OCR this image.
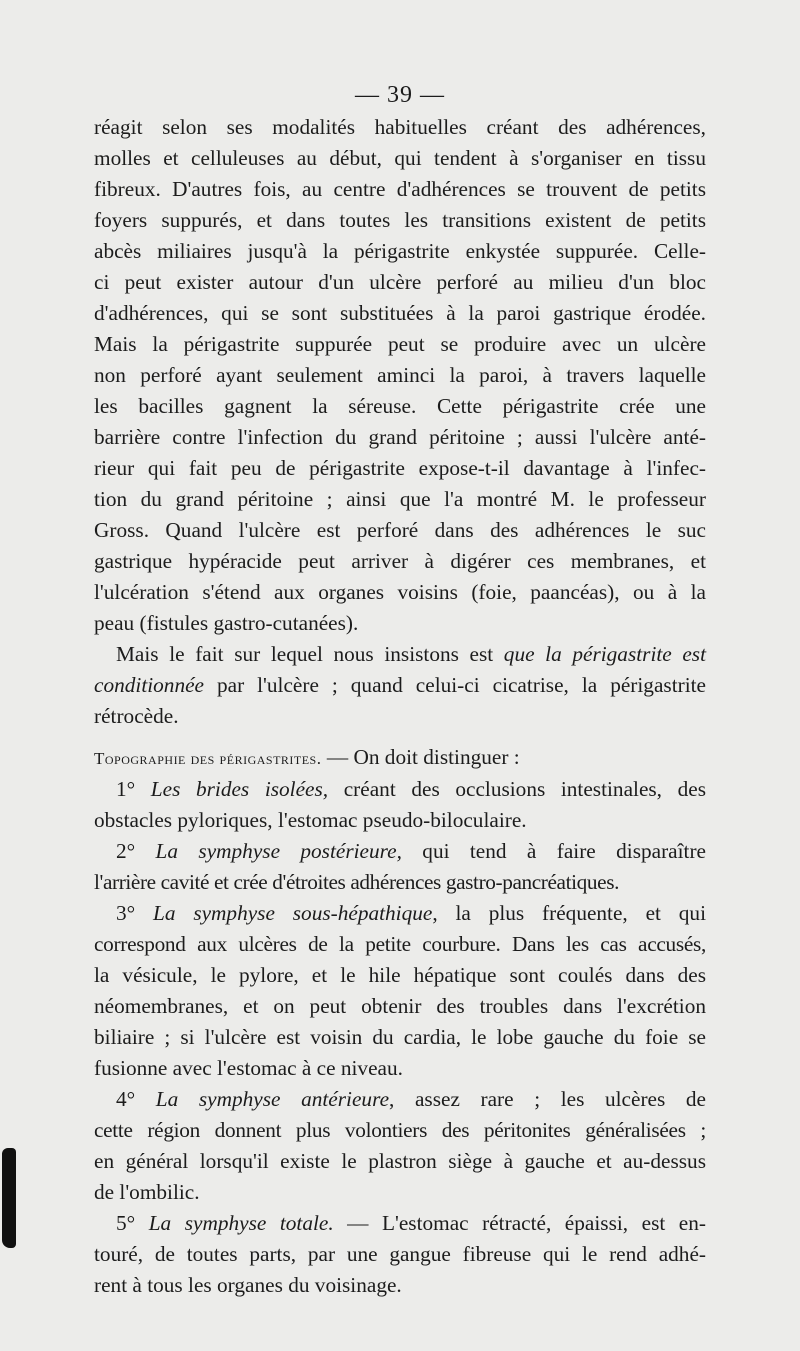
— 39 —

réagit selon ses modalités habituelles créant des adhérences,
molles et celluleuses au début, qui tendent à s'organiser en tissu
fibreux. D'autres fois, au centre d'adhérences se trouvent de petits
foyers suppurés, et dans toutes les transitions existent de petits
abcès miliaires jusqu'à la périgastrite enkystée suppurée. Celle-
ci peut exister autour d'un ulcère perforé au milieu d'un bloc
d'adhérences, qui se sont substituées à la paroi gastrique érodée.
Mais la périgastrite suppurée peut se produire avec un ulcère
non perforé ayant seulement aminci la paroi, à travers laquelle
les bacilles gagnent la séreuse. Cette périgastrite crée une
barrière contre l'infection du grand péritoine ; aussi l'ulcère anté-
rieur qui fait peu de périgastrite expose-t-il davantage à l'infec-
tion du grand péritoine ; ainsi que l'a montré M. le professeur
Gross. Quand l'ulcère est perforé dans des adhérences le suc
gastrique hypéracide peut arriver à digérer ces membranes, et
l'ulcération s'étend aux organes voisins (foie, paancéas), ou à la
peau (fistules gastro-cutanées).

Mais le fait sur lequel nous insistons est que la périgastrite est
conditionnée par l'ulcère ; quand celui-ci cicatrise, la périgastrite
rétrocède.

Topographie des périgastrites. — On doit distinguer :

1° Les brides isolées, créant des occlusions intestinales, des
obstacles pyloriques, l'estomac pseudo-biloculaire.

2° La symphyse postérieure, qui tend à faire disparaître
l'arrière cavité et crée d'étroites adhérences gastro-pancréatiques.

3° La symphyse sous-hépathique, la plus fréquente, et qui
correspond aux ulcères de la petite courbure. Dans les cas accusés,
la vésicule, le pylore, et le hile hépatique sont coulés dans des
néomembranes, et on peut obtenir des troubles dans l'excrétion
biliaire ; si l'ulcère est voisin du cardia, le lobe gauche du foie se
fusionne avec l'estomac à ce niveau.

4° La symphyse antérieure, assez rare ; les ulcères de
cette région donnent plus volontiers des péritonites généralisées ;
en général lorsqu'il existe le plastron siège à gauche et au-dessus
de l'ombilic.

5° La symphyse totale. — L'estomac rétracté, épaissi, est en-
touré, de toutes parts, par une gangue fibreuse qui le rend adhé-
rent à tous les organes du voisinage.
